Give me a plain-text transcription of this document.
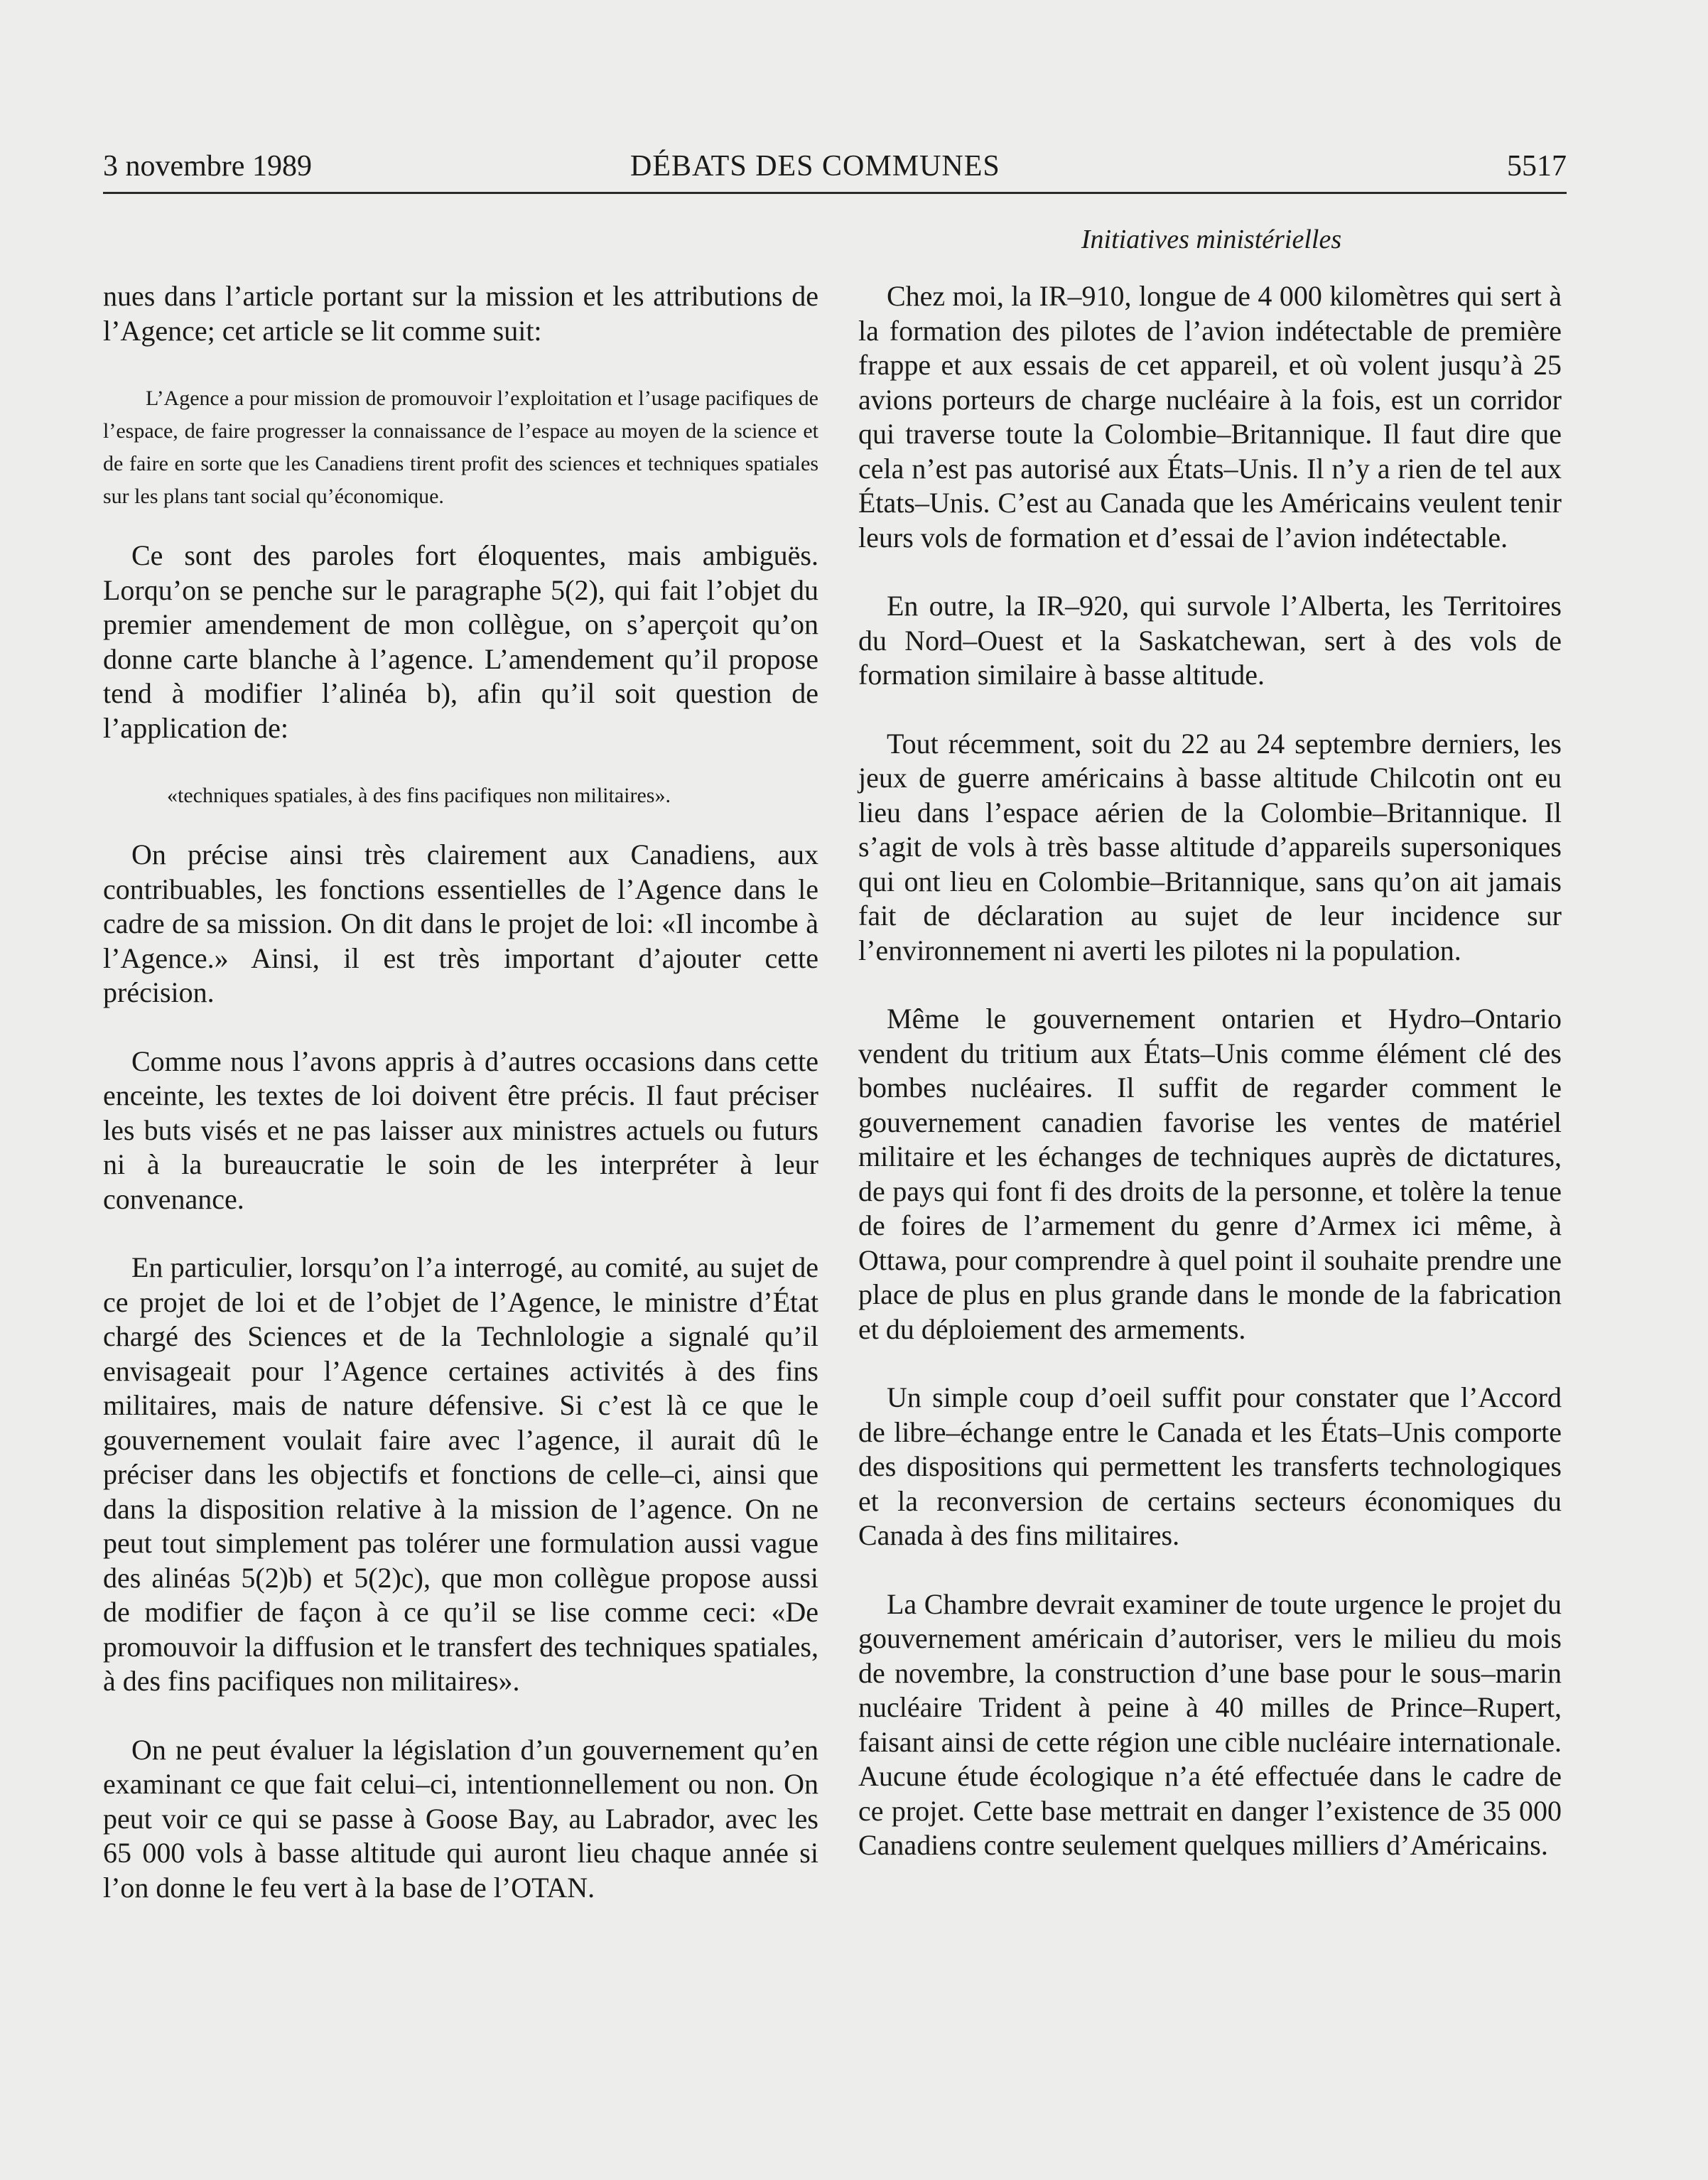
3 novembre 1989	DÉBATS DES COMMUNES	5517
Initiatives ministérielles

nues dans l’article portant sur la mission et les attributions de l’Agence; cet article se lit comme suit:

L’Agence a pour mission de promouvoir l’exploitation et l’usage pacifiques de l’espace, de faire progresser la connaissance de l’espace au moyen de la science et de faire en sorte que les Canadiens tirent profit des sciences et techniques spatiales sur les plans tant social qu’économique.

Ce sont des paroles fort éloquentes, mais ambiguës. Lorqu’on se penche sur le paragraphe 5(2), qui fait l’objet du premier amendement de mon collègue, on s’aperçoit qu’on donne carte blanche à l’agence. L’amendement qu’il propose tend à modifier l’alinéa b), afin qu’il soit question de l’application de:

«techniques spatiales, à des fins pacifiques non militaires».

On précise ainsi très clairement aux Canadiens, aux contribuables, les fonctions essentielles de l’Agence dans le cadre de sa mission. On dit dans le projet de loi: «Il incombe à l’Agence.» Ainsi, il est très important d’ajouter cette précision.

Comme nous l’avons appris à d’autres occasions dans cette enceinte, les textes de loi doivent être précis. Il faut préciser les buts visés et ne pas laisser aux ministres actuels ou futurs ni à la bureaucratie le soin de les interpréter à leur convenance.

En particulier, lorsqu’on l’a interrogé, au comité, au sujet de ce projet de loi et de l’objet de l’Agence, le ministre d’État chargé des Sciences et de la Technlologie a signalé qu’il envisageait pour l’Agence certaines activités à des fins militaires, mais de nature défensive. Si c’est là ce que le gouvernement voulait faire avec l’agence, il aurait dû le préciser dans les objectifs et fonctions de celle–ci, ainsi que dans la disposition relative à la mission de l’agence. On ne peut tout simplement pas tolérer une formulation aussi vague des alinéas 5(2)b) et 5(2)c), que mon collègue propose aussi de modifier de façon à ce qu’il se lise comme ceci: «De promouvoir la diffusion et le transfert des techniques spatiales, à des fins pacifiques non militaires».

On ne peut évaluer la législation d’un gouvernement qu’en examinant ce que fait celui–ci, intentionnellement ou non. On peut voir ce qui se passe à Goose Bay, au Labrador, avec les 65 000 vols à basse altitude qui auront lieu chaque année si l’on donne le feu vert à la base de l’OTAN.

Chez moi, la IR–910, longue de 4 000 kilomètres qui sert à la formation des pilotes de l’avion indétectable de première frappe et aux essais de cet appareil, et où volent jusqu’à 25 avions porteurs de charge nucléaire à la fois, est un corridor qui traverse toute la Colombie–Britannique. Il faut dire que cela n’est pas autorisé aux États–Unis. Il n’y a rien de tel aux États–Unis. C’est au Canada que les Américains veulent tenir leurs vols de formation et d’essai de l’avion indétectable.

En outre, la IR–920, qui survole l’Alberta, les Territoires du Nord–Ouest et la Saskatchewan, sert à des vols de formation similaire à basse altitude.

Tout récemment, soit du 22 au 24 septembre derniers, les jeux de guerre américains à basse altitude Chilcotin ont eu lieu dans l’espace aérien de la Colombie–Britannique. Il s’agit de vols à très basse altitude d’appareils supersoniques qui ont lieu en Colombie–Britannique, sans qu’on ait jamais fait de déclaration au sujet de leur incidence sur l’environnement ni averti les pilotes ni la population.

Même le gouvernement ontarien et Hydro–Ontario vendent du tritium aux États–Unis comme élément clé des bombes nucléaires. Il suffit de regarder comment le gouvernement canadien favorise les ventes de matériel militaire et les échanges de techniques auprès de dictatures, de pays qui font fi des droits de la personne, et tolère la tenue de foires de l’armement du genre d’Armex ici même, à Ottawa, pour comprendre à quel point il souhaite prendre une place de plus en plus grande dans le monde de la fabrication et du déploiement des armements.

Un simple coup d’oeil suffit pour constater que l’Accord de libre–échange entre le Canada et les États–Unis comporte des dispositions qui permettent les transferts technologiques et la reconversion de certains secteurs économiques du Canada à des fins militaires.

La Chambre devrait examiner de toute urgence le projet du gouvernement américain d’autoriser, vers le milieu du mois de novembre, la construction d’une base pour le sous–marin nucléaire Trident à peine à 40 milles de Prince–Rupert, faisant ainsi de cette région une cible nucléaire internationale. Aucune étude écologique n’a été effectuée dans le cadre de ce projet. Cette base mettrait en danger l’existence de 35 000 Canadiens contre seulement quelques milliers d’Américains.
